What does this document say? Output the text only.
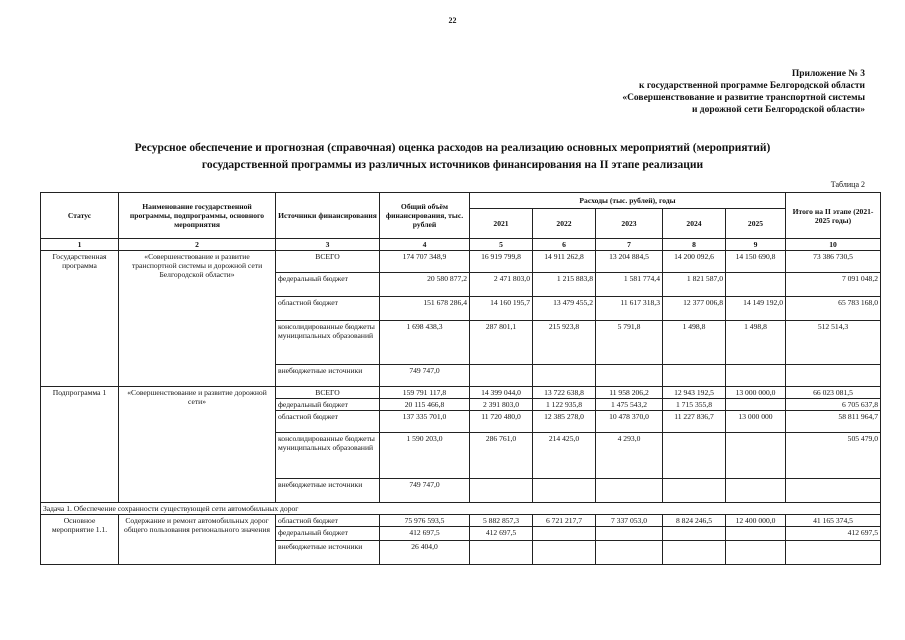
22
Приложение № 3
к государственной программе Белгородской области
«Совершенствование и развитие транспортной системы
и дорожной сети Белгородской области»
Ресурсное обеспечение и прогнозная (справочная) оценка расходов на реализацию основных мероприятий (мероприятий)
государственной программы из различных источников финансирования на II этапе реализации
Таблица 2
Статус	Наименование государственной программы, подпрограммы, основного мероприятия	Источники финансирования	Общий объём финансирования, тыс. рублей	Расходы (тыс. рублей), годы					Итого на II этапе (2021-2025 годы)
				2021	2022	2023	2024	2025	
1	2	3	4	5	6	7	8	9	10
Государственная программа	«Совершенствование и развитие транспортной системы и дорожной сети Белгородской области»	ВСЕГО	174 707 348,9	16 919 799,8	14 911 262,8	13 204 884,5	14 200 092,6	14 150 690,8	73 386 730,5
		федеральный бюджет	20 580 877,2	2 471 803,0	1 215 883,8	1 581 774,4	1 821 587,0		7 091 048,2
		областной бюджет	151 678 286,4	14 160 195,7	13 479 455,2	11 617 318,3	12 377 006,8	14 149 192,0	65 783 168,0
		консолидированные бюджеты муниципальных образований	1 698 438,3	287 801,1	215 923,8	5 791,8	1 498,8	1 498,8	512 514,3
		внебюджетные источники	749 747,0						
Подпрограмма 1	«Совершенствование и развитие дорожной сети»	ВСЕГО	159 791 117,8	14 399 044,0	13 722 638,8	11 958 206,2	12 943 192,5	13 000 000,0	66 023 081,5
		федеральный бюджет	20 115 466,8	2 391 803,0	1 122 935,8	1 475 543,2	1 715 355,8		6 705 637,8
		областной бюджет	137 335 701,0	11 720 480,0	12 385 278,0	10 478 370,0	11 227 836,7	13 000 000	58 811 964,7
		консолидированные бюджеты муниципальных образований	1 590 203,0	286 761,0	214 425,0	4 293,0			505 479,0
		внебюджетные источники	749 747,0						
Задача 1. Обеспечение сохранности существующей сети автомобильных дорог									
Основное мероприятие 1.1.	Содержание и ремонт автомобильных дорог общего пользования регионального значения	областной бюджет	75 976 593,5	5 882 857,3	6 721 217,7	7 337 053,0	8 824 246,5	12 400 000,0	41 165 374,5
		федеральный бюджет	412 697,5	412 697,5					412 697,5
		внебюджетные источники	26 404,0						
